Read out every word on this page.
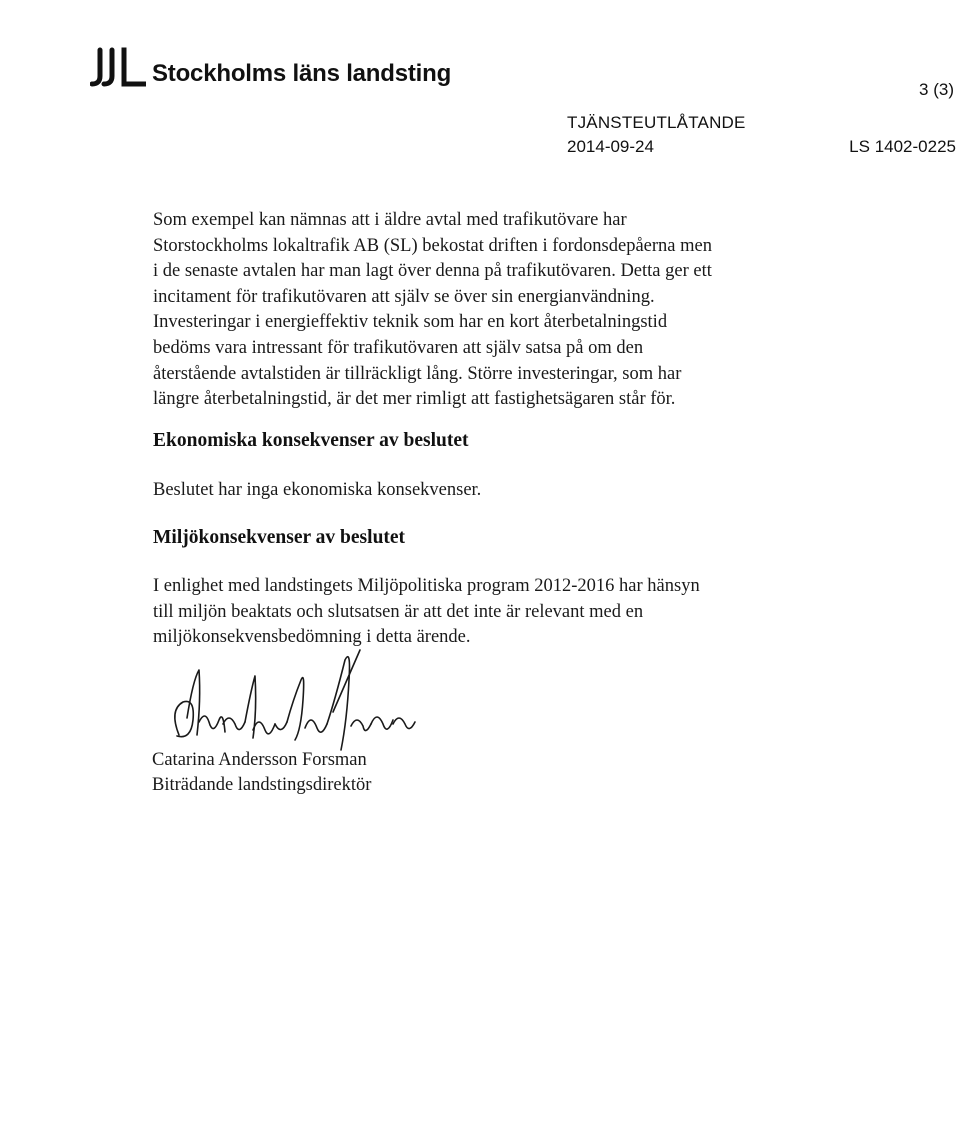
Stockholms läns landsting
3 (3)
TJÄNSTEUTLÅTANDE
2014-09-24	LS 1402-0225

Som exempel kan nämnas att i äldre avtal med trafikutövare har
Storstockholms lokaltrafik AB (SL) bekostat driften i fordonsdepåerna men
i de senaste avtalen har man lagt över denna på trafikutövaren. Detta ger ett
incitament för trafikutövaren att själv se över sin energianvändning.
Investeringar i energieffektiv teknik som har en kort återbetalningstid
bedöms vara intressant för trafikutövaren att själv satsa på om den
återstående avtalstiden är tillräckligt lång. Större investeringar, som har
längre återbetalningstid, är det mer rimligt att fastighetsägaren står för.

Ekonomiska konsekvenser av beslutet

Beslutet har inga ekonomiska konsekvenser.

Miljökonsekvenser av beslutet

I enlighet med landstingets Miljöpolitiska program 2012-2016 har hänsyn
till miljön beaktats och slutsatsen är att det inte är relevant med en
miljökonsekvensbedömning i detta ärende.

Catarina Andersson Forsman
Biträdande landstingsdirektör
